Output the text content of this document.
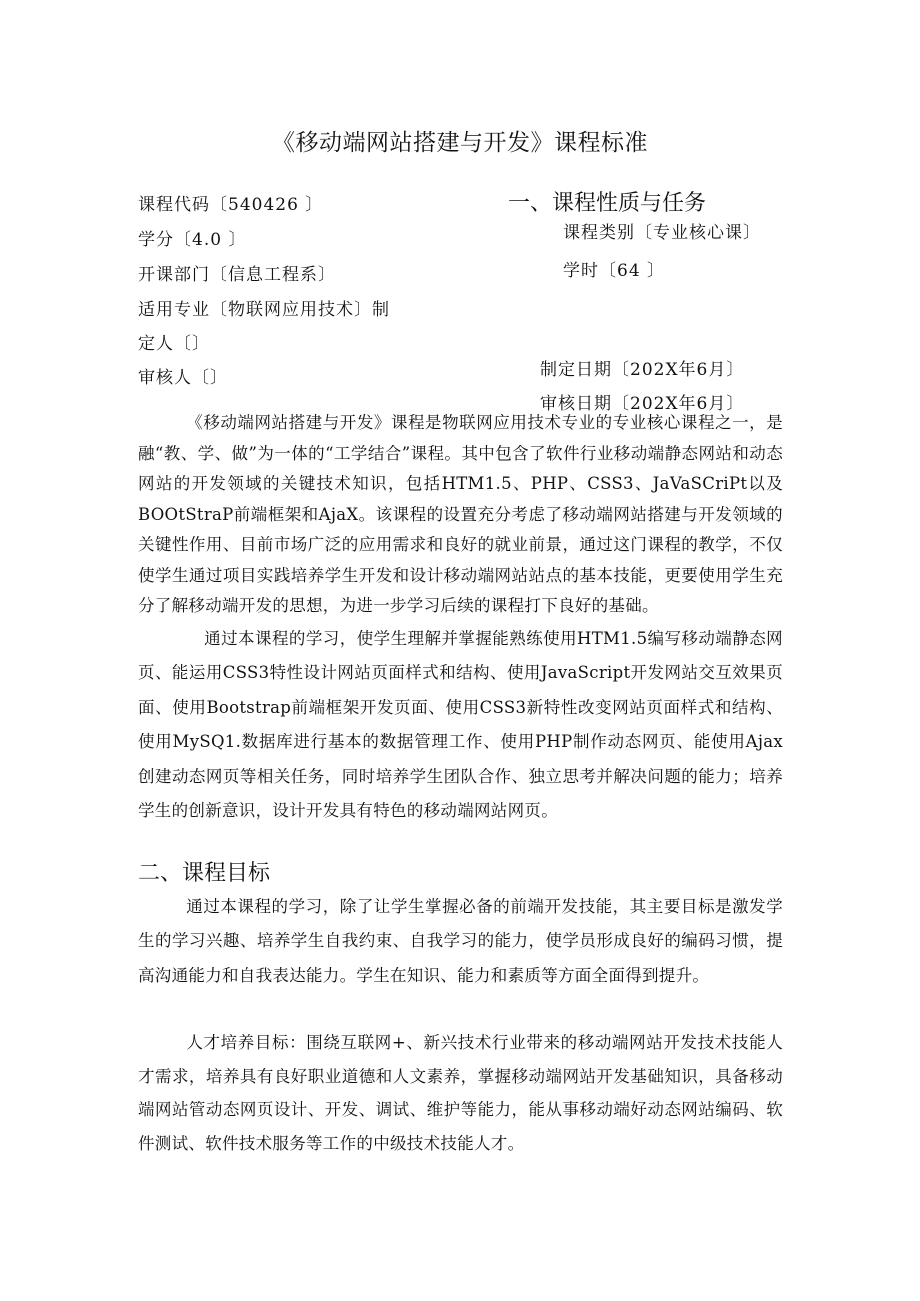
《移动端网站搭建与开发》课程标准
课程代码〔540426 〕
学分〔4.0 〕
开课部门〔信息工程系〕
适用专业〔物联网应用技术〕制
定人〔〕
审核人〔〕
一、课程性质与任务
课程类别〔专业核心课〕
学时〔64 〕
制定日期〔202X年6月〕
审核日期〔202X年6月〕

《移动端网站搭建与开发》课程是物联网应用技术专业的专业核心课程之一，是融“教、学、做”为一体的“工学结合”课程。其中包含了软件行业移动端静态网站和动态网站的开发领域的关键技术知识，包括HTM1.5、PHP、CSS3、JaVaSCriPt以及BOOtStraP前端框架和AjaX。该课程的设置充分考虑了移动端网站搭建与开发领域的关键性作用、目前市场广泛的应用需求和良好的就业前景，通过这门课程的教学，不仅使学生通过项目实践培养学生开发和设计移动端网站站点的基本技能，更要使用学生充分了解移动端开发的思想，为进一步学习后续的课程打下良好的基础。

通过本课程的学习，使学生理解并掌握能熟练使用HTM1.5编写移动端静态网页、能运用CSS3特性设计网站页面样式和结构、使用JavaScript开发网站交互效果页面、使用Bootstrap前端框架开发页面、使用CSS3新特性改变网站页面样式和结构、使用MySQ1.数据库进行基本的数据管理工作、使用PHP制作动态网页、能使用Ajax创建动态网页等相关任务，同时培养学生团队合作、独立思考并解决问题的能力；培养学生的创新意识，设计开发具有特色的移动端网站网页。

二、课程目标

通过本课程的学习，除了让学生掌握必备的前端开发技能，其主要目标是激发学生的学习兴趣、培养学生自我约束、自我学习的能力，使学员形成良好的编码习惯，提高沟通能力和自我表达能力。学生在知识、能力和素质等方面全面得到提升。

人才培养目标：围绕互联网+、新兴技术行业带来的移动端网站开发技术技能人才需求，培养具有良好职业道德和人文素养，掌握移动端网站开发基础知识，具备移动端网站管动态网页设计、开发、调试、维护等能力，能从事移动端好动态网站编码、软件测试、软件技术服务等工作的中级技术技能人才。
